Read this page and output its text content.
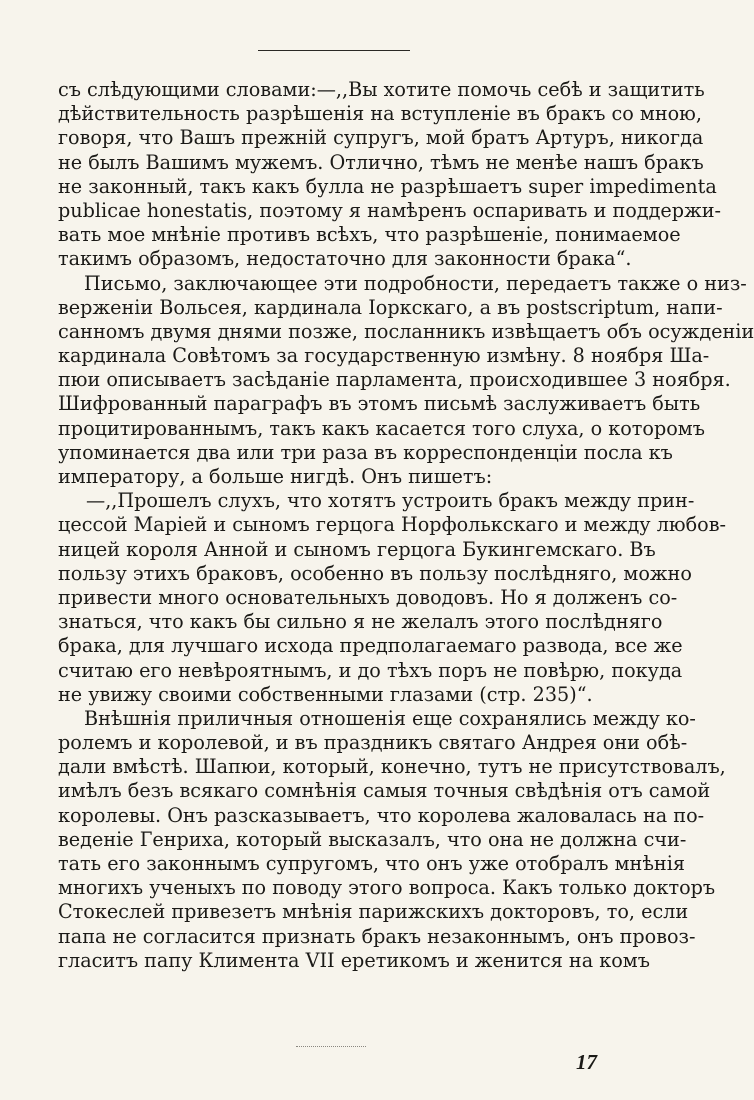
съ слѣдующими словами:—,,Вы хотите помочь себѣ и защитить
дѣйствительность разрѣшенія на вступленіе въ бракъ со мною,
говоря, что Вашъ прежній супругъ, мой братъ Артуръ, никогда
не былъ Вашимъ мужемъ. Отлично, тѣмъ не менѣе нашъ бракъ
не законный, такъ какъ булла не разрѣшаетъ super impedimenta
publicae honestatis, поэтому я намѣренъ оспаривать и поддержи-
вать мое мнѣніе противъ всѣхъ, что разрѣшеніе, понимаемое
такимъ образомъ, недостаточно для законности брака“.
Письмо, заключающее эти подробности, передаетъ также о низ-
верженіи Вольсея, кардинала Іоркскаго, а въ postscriptum, напи-
санномъ двумя днями позже, посланникъ извѣщаетъ объ осужденіи
кардинала Совѣтомъ за государственную измѣну. 8 ноября Ша-
пюи описываетъ засѣданіе парламента, происходившее 3 ноября.
Шифрованный параграфъ въ этомъ письмѣ заслуживаетъ быть
процитированнымъ, такъ какъ касается того слуха, о которомъ
упоминается два или три раза въ корреспонденціи посла къ
императору, а больше нигдѣ. Онъ пишетъ:
—,,Прошелъ слухъ, что хотятъ устроить бракъ между прин-
цессой Маріей и сыномъ герцога Норфолькскаго и между любов-
ницей короля Анной и сыномъ герцога Букингемскаго. Въ
пользу этихъ браковъ, особенно въ пользу послѣдняго, можно
привести много основательныхъ доводовъ. Но я долженъ со-
знаться, что какъ бы сильно я не желалъ этого послѣдняго
брака, для лучшаго исхода предполагаемаго развода, все же
считаю его невѣроятнымъ, и до тѣхъ поръ не повѣрю, покуда
не увижу своими собственными глазами (стр. 235)“.
Внѣшнія приличныя отношенія еще сохранялись между ко-
ролемъ и королевой, и въ праздникъ святаго Андрея они обѣ-
дали вмѣстѣ. Шапюи, который, конечно, тутъ не присутствовалъ,
имѣлъ безъ всякаго сомнѣнія самыя точныя свѣдѣнія отъ самой
королевы. Онъ разсказываетъ, что королева жаловалась на по-
веденіе Генриха, который высказалъ, что она не должна счи-
тать его законнымъ супругомъ, что онъ уже отобралъ мнѣнія
многихъ ученыхъ по поводу этого вопроса. Какъ только докторъ
Стокеслей привезетъ мнѣнія парижскихъ докторовъ, то, если
папа не согласится признать бракъ незаконнымъ, онъ провоз-
гласитъ папу Климента VII еретикомъ и женится на комъ
17
